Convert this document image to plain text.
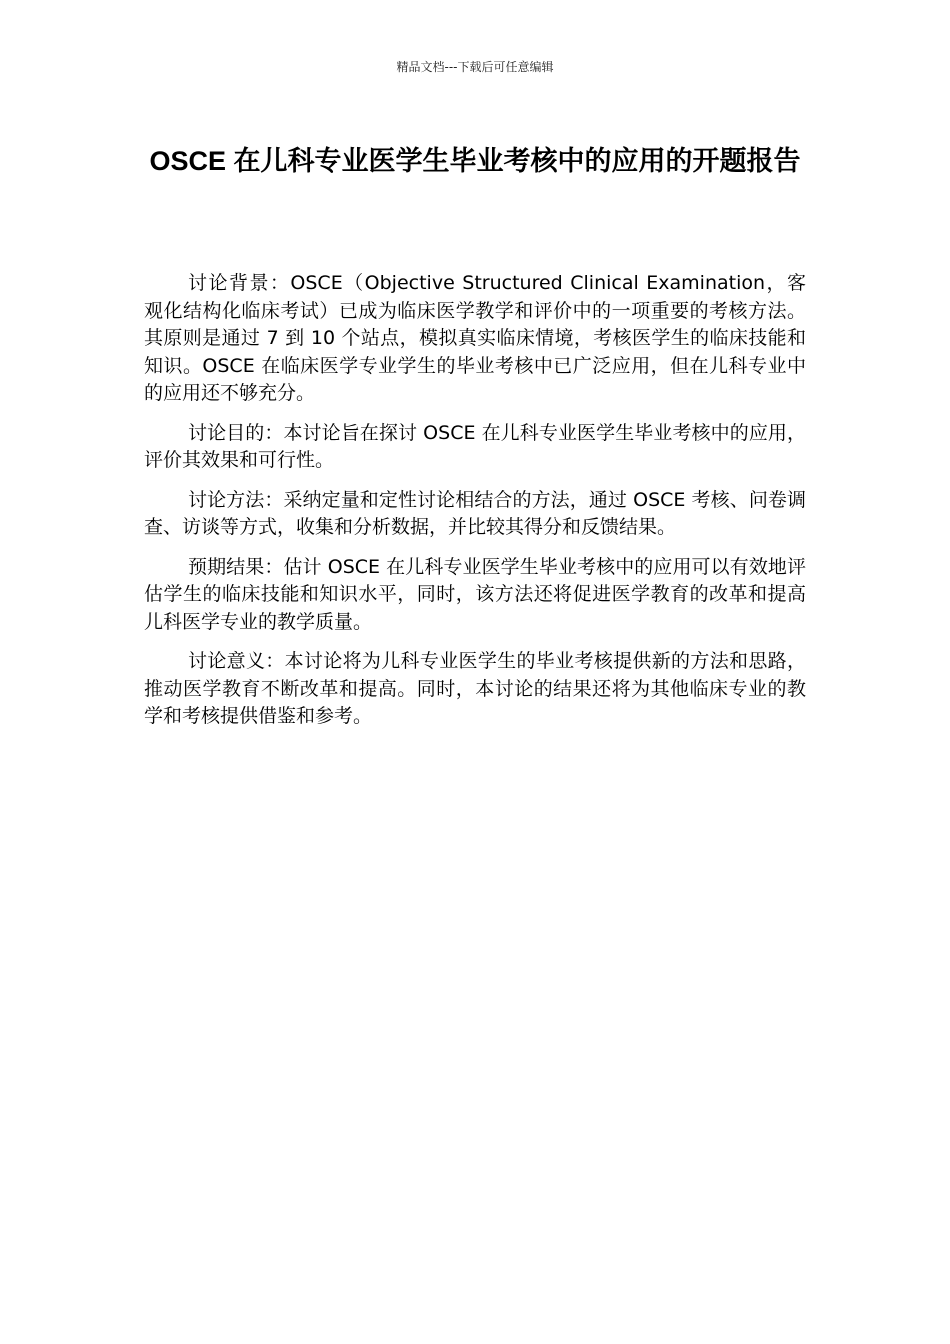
精品文档---下载后可任意编辑
OSCE 在儿科专业医学生毕业考核中的应用的开题报告

讨论背景：OSCE（Objective Structured Clinical Examination，客观化结构化临床考试）已成为临床医学教学和评价中的一项重要的考核方法。其原则是通过 7 到 10 个站点，模拟真实临床情境，考核医学生的临床技能和知识。OSCE 在临床医学专业学生的毕业考核中已广泛应用，但在儿科专业中的应用还不够充分。

讨论目的：本讨论旨在探讨 OSCE 在儿科专业医学生毕业考核中的应用，评价其效果和可行性。

讨论方法：采纳定量和定性讨论相结合的方法，通过 OSCE 考核、问卷调查、访谈等方式，收集和分析数据，并比较其得分和反馈结果。

预期结果：估计 OSCE 在儿科专业医学生毕业考核中的应用可以有效地评估学生的临床技能和知识水平，同时，该方法还将促进医学教育的改革和提高儿科医学专业的教学质量。

讨论意义：本讨论将为儿科专业医学生的毕业考核提供新的方法和思路，推动医学教育不断改革和提高。同时，本讨论的结果还将为其他临床专业的教学和考核提供借鉴和参考。
